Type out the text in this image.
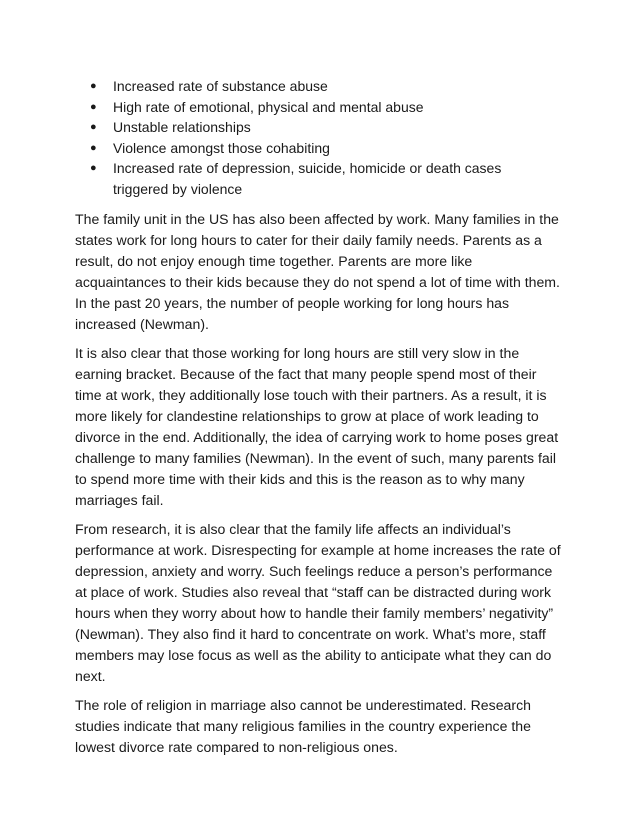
● Increased rate of substance abuse
● High rate of emotional, physical and mental abuse
● Unstable relationships
● Violence amongst those cohabiting
● Increased rate of depression, suicide, homicide or death cases triggered by violence

The family unit in the US has also been affected by work. Many families in the states work for long hours to cater for their daily family needs. Parents as a result, do not enjoy enough time together. Parents are more like acquaintances to their kids because they do not spend a lot of time with them. In the past 20 years, the number of people working for long hours has increased (Newman).

It is also clear that those working for long hours are still very slow in the earning bracket. Because of the fact that many people spend most of their time at work, they additionally lose touch with their partners. As a result, it is more likely for clandestine relationships to grow at place of work leading to divorce in the end. Additionally, the idea of carrying work to home poses great challenge to many families (Newman). In the event of such, many parents fail to spend more time with their kids and this is the reason as to why many marriages fail.

From research, it is also clear that the family life affects an individual’s performance at work. Disrespecting for example at home increases the rate of depression, anxiety and worry. Such feelings reduce a person’s performance at place of work. Studies also reveal that “staff can be distracted during work hours when they worry about how to handle their family members’ negativity” (Newman). They also find it hard to concentrate on work. What’s more, staff members may lose focus as well as the ability to anticipate what they can do next.

The role of religion in marriage also cannot be underestimated. Research studies indicate that many religious families in the country experience the lowest divorce rate compared to non-religious ones.
